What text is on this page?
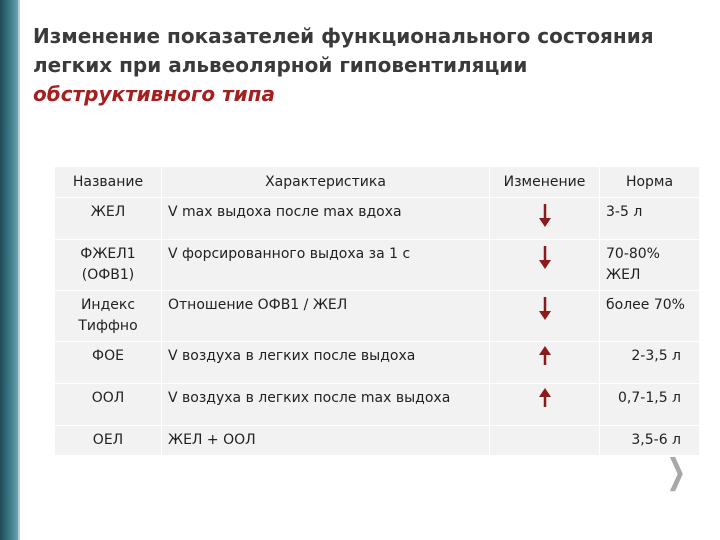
Изменение показателей функционального состояния
легких при альвеолярной гиповентиляции
обструктивного типа
Название	Характеристика	Изменение	Норма
ЖЕЛ	V max выдоха после max вдоха		3-5 л
ФЖЕЛ1 (ОФВ1)	V форсированного выдоха за 1 с		70-80% ЖЕЛ
Индекс Тиффно	Отношение ОФВ1 / ЖЕЛ		более 70%
ФОЕ	V воздуха в легких после выдоха		2-3,5 л
ООЛ	V воздуха в легких после max выдоха		0,7-1,5 л
ОЕЛ	ЖЕЛ + ООЛ		3,5-6 л
❯
